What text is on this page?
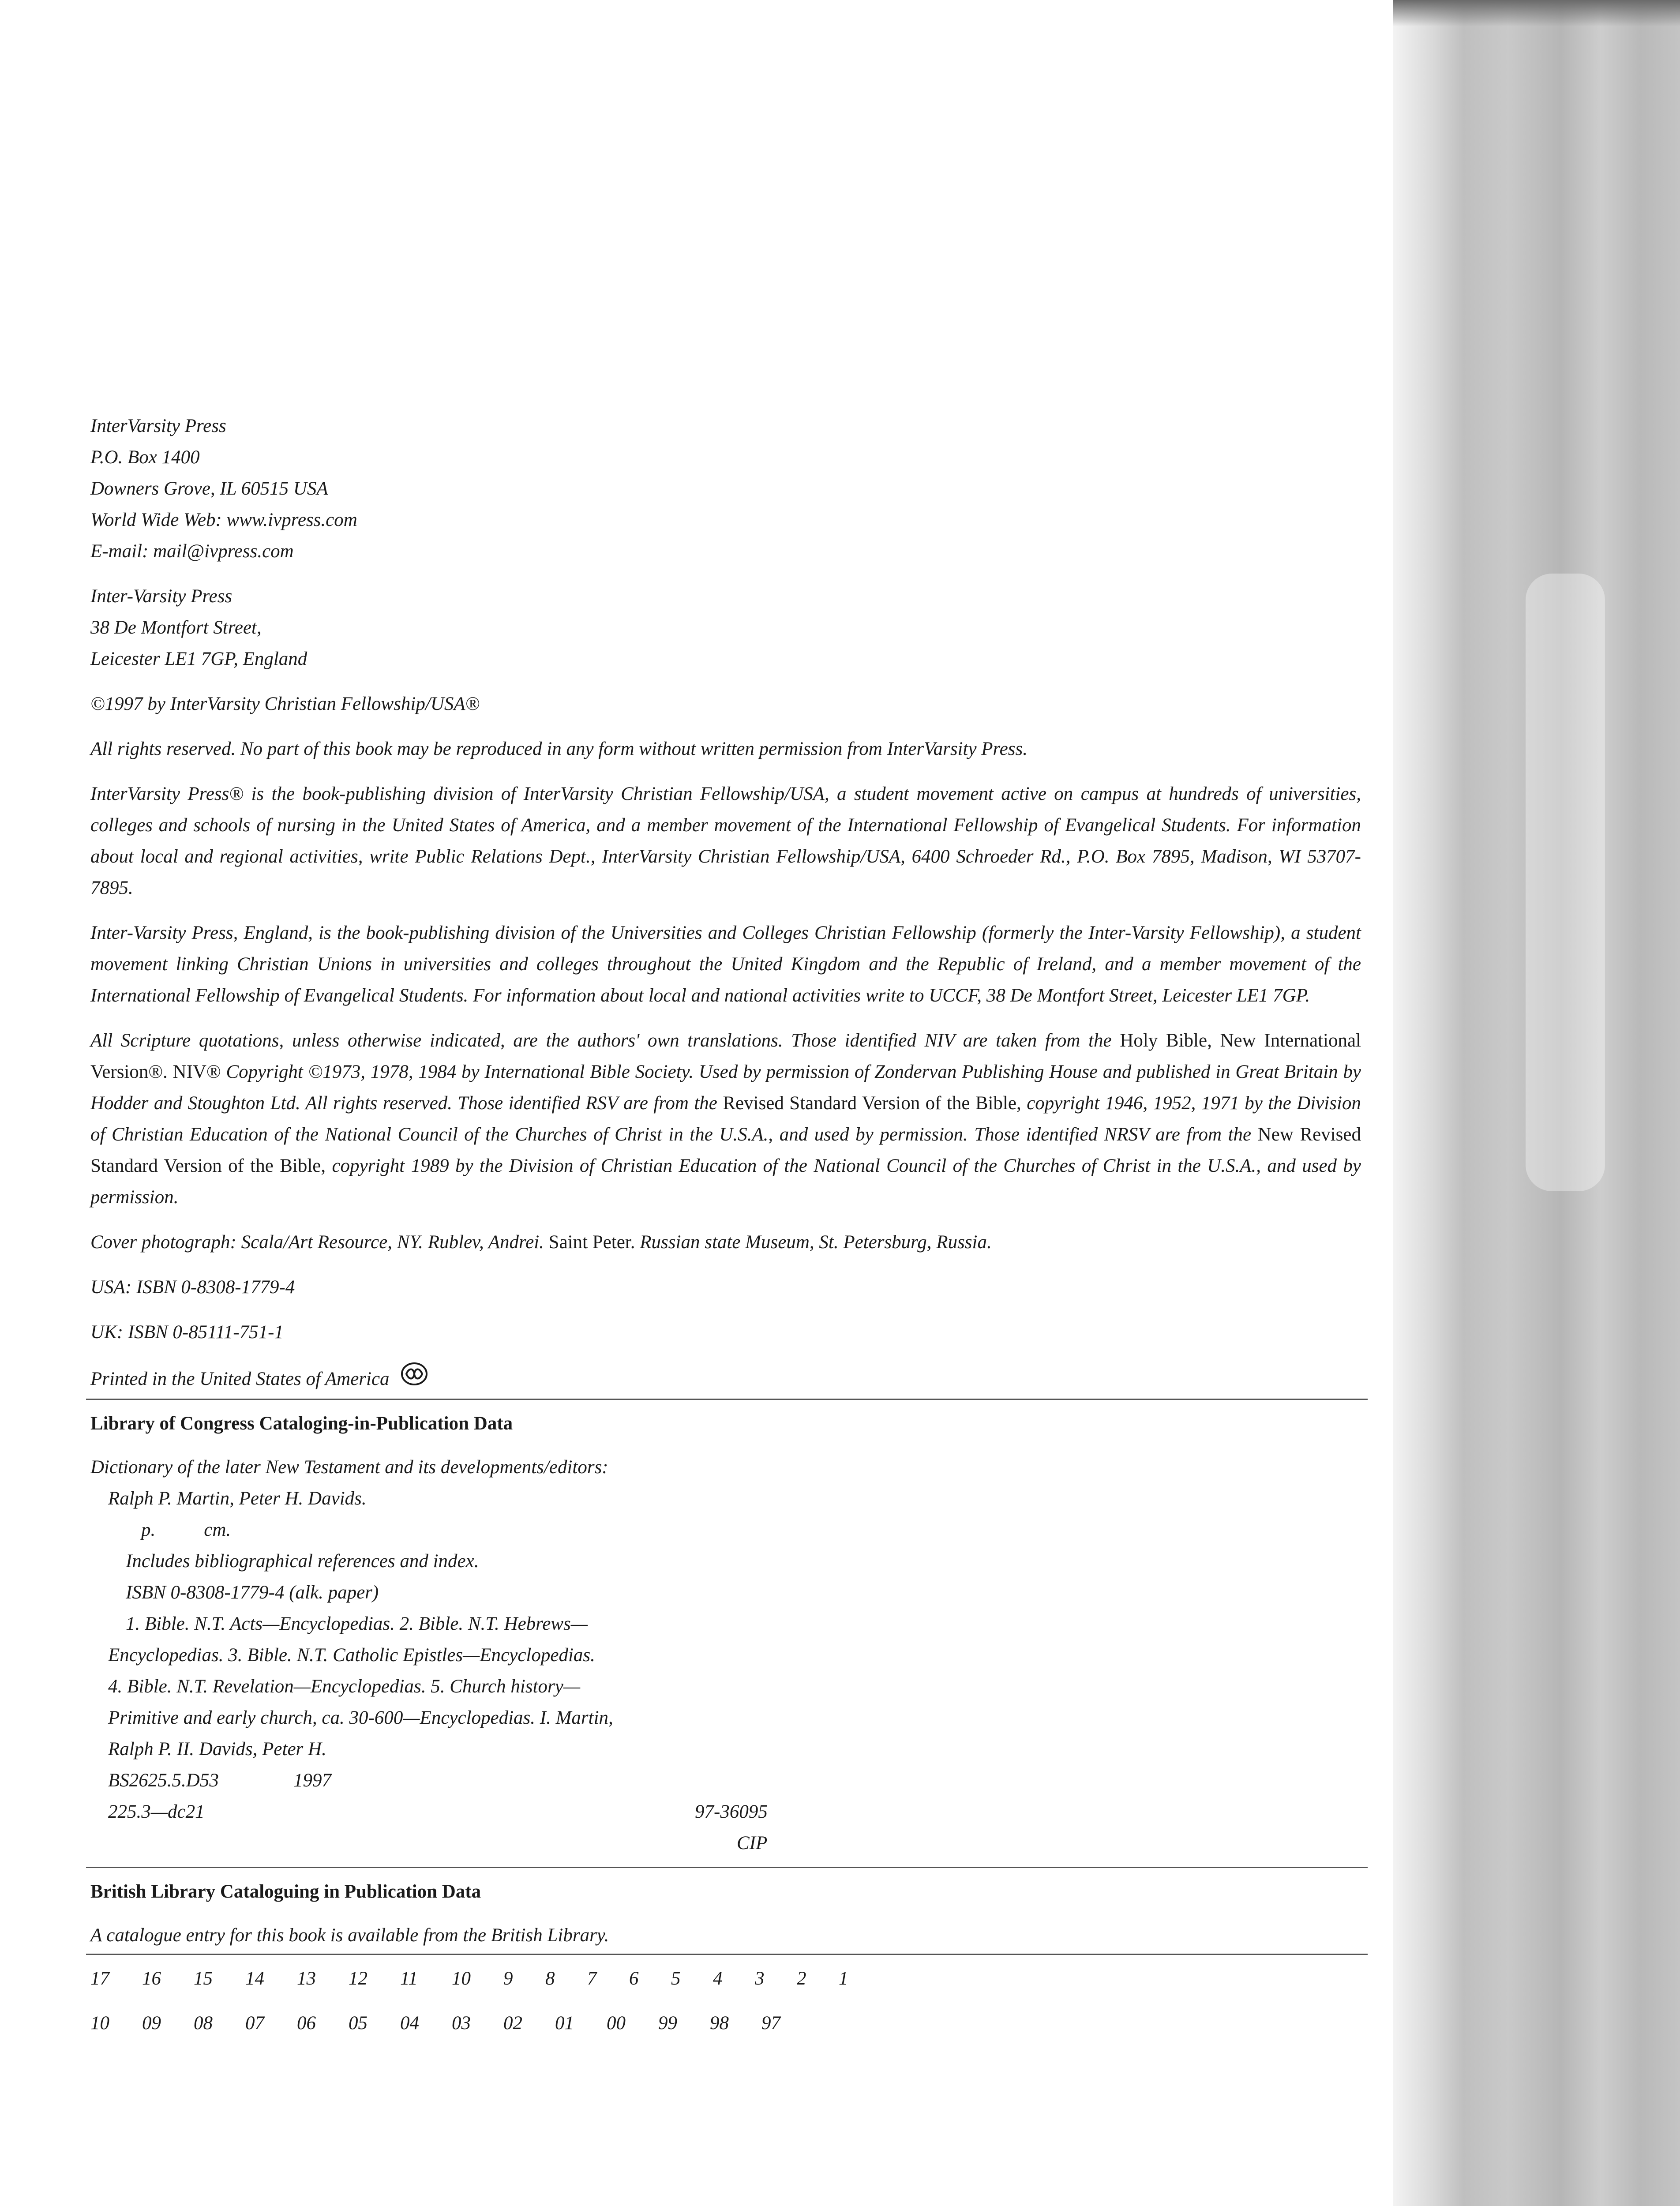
InterVarsity Press
P.O. Box 1400
Downers Grove, IL 60515 USA
World Wide Web: www.ivpress.com
E-mail: mail@ivpress.com
Inter-Varsity Press
38 De Montfort Street,
Leicester LE1 7GP, England
©1997 by InterVarsity Christian Fellowship/USA®
All rights reserved. No part of this book may be reproduced in any form without written permission from InterVarsity Press.
InterVarsity Press® is the book-publishing division of InterVarsity Christian Fellowship/USA, a student movement active on campus at hundreds of universities, colleges and schools of nursing in the United States of America, and a member movement of the International Fellowship of Evangelical Students. For information about local and regional activities, write Public Relations Dept., InterVarsity Christian Fellowship/USA, 6400 Schroeder Rd., P.O. Box 7895, Madison, WI 53707-7895.
Inter-Varsity Press, England, is the book-publishing division of the Universities and Colleges Christian Fellowship (formerly the Inter-Varsity Fellowship), a student movement linking Christian Unions in universities and colleges throughout the United Kingdom and the Republic of Ireland, and a member movement of the International Fellowship of Evangelical Students. For information about local and national activities write to UCCF, 38 De Montfort Street, Leicester LE1 7GP.
All Scripture quotations, unless otherwise indicated, are the authors' own translations. Those identified NIV are taken from the Holy Bible, New International Version®. NIV® Copyright ©1973, 1978, 1984 by International Bible Society. Used by permission of Zondervan Publishing House and published in Great Britain by Hodder and Stoughton Ltd. All rights reserved. Those identified RSV are from the Revised Standard Version of the Bible, copyright 1946, 1952, 1971 by the Division of Christian Education of the National Council of the Churches of Christ in the U.S.A., and used by permission. Those identified NRSV are from the New Revised Standard Version of the Bible, copyright 1989 by the Division of Christian Education of the National Council of the Churches of Christ in the U.S.A., and used by permission.
Cover photograph: Scala/Art Resource, NY. Rublev, Andrei. Saint Peter. Russian state Museum, St. Petersburg, Russia.
USA: ISBN 0-8308-1779-4
UK: ISBN 0-85111-751-1
Printed in the United States of America
Library of Congress Cataloging-in-Publication Data
Dictionary of the later New Testament and its developments/editors:
Ralph P. Martin, Peter H. Davids.
p.	cm.
Includes bibliographical references and index.
ISBN 0-8308-1779-4 (alk. paper)
1. Bible. N.T. Acts—Encyclopedias. 2. Bible. N.T. Hebrews—
Encyclopedias. 3. Bible. N.T. Catholic Epistles—Encyclopedias.
4. Bible. N.T. Revelation—Encyclopedias. 5. Church history—
Primitive and early church, ca. 30-600—Encyclopedias. I. Martin,
Ralph P. II. Davids, Peter H.
BS2625.5.D53	1997
225.3—dc21	97-36095
CIP
British Library Cataloguing in Publication Data
A catalogue entry for this book is available from the British Library.
17	16	15	14	13	12	11	10	9	8	7	6	5	4	3	2	1
10	09	08	07	06	05	04	03	02	01	00	99	98	97
